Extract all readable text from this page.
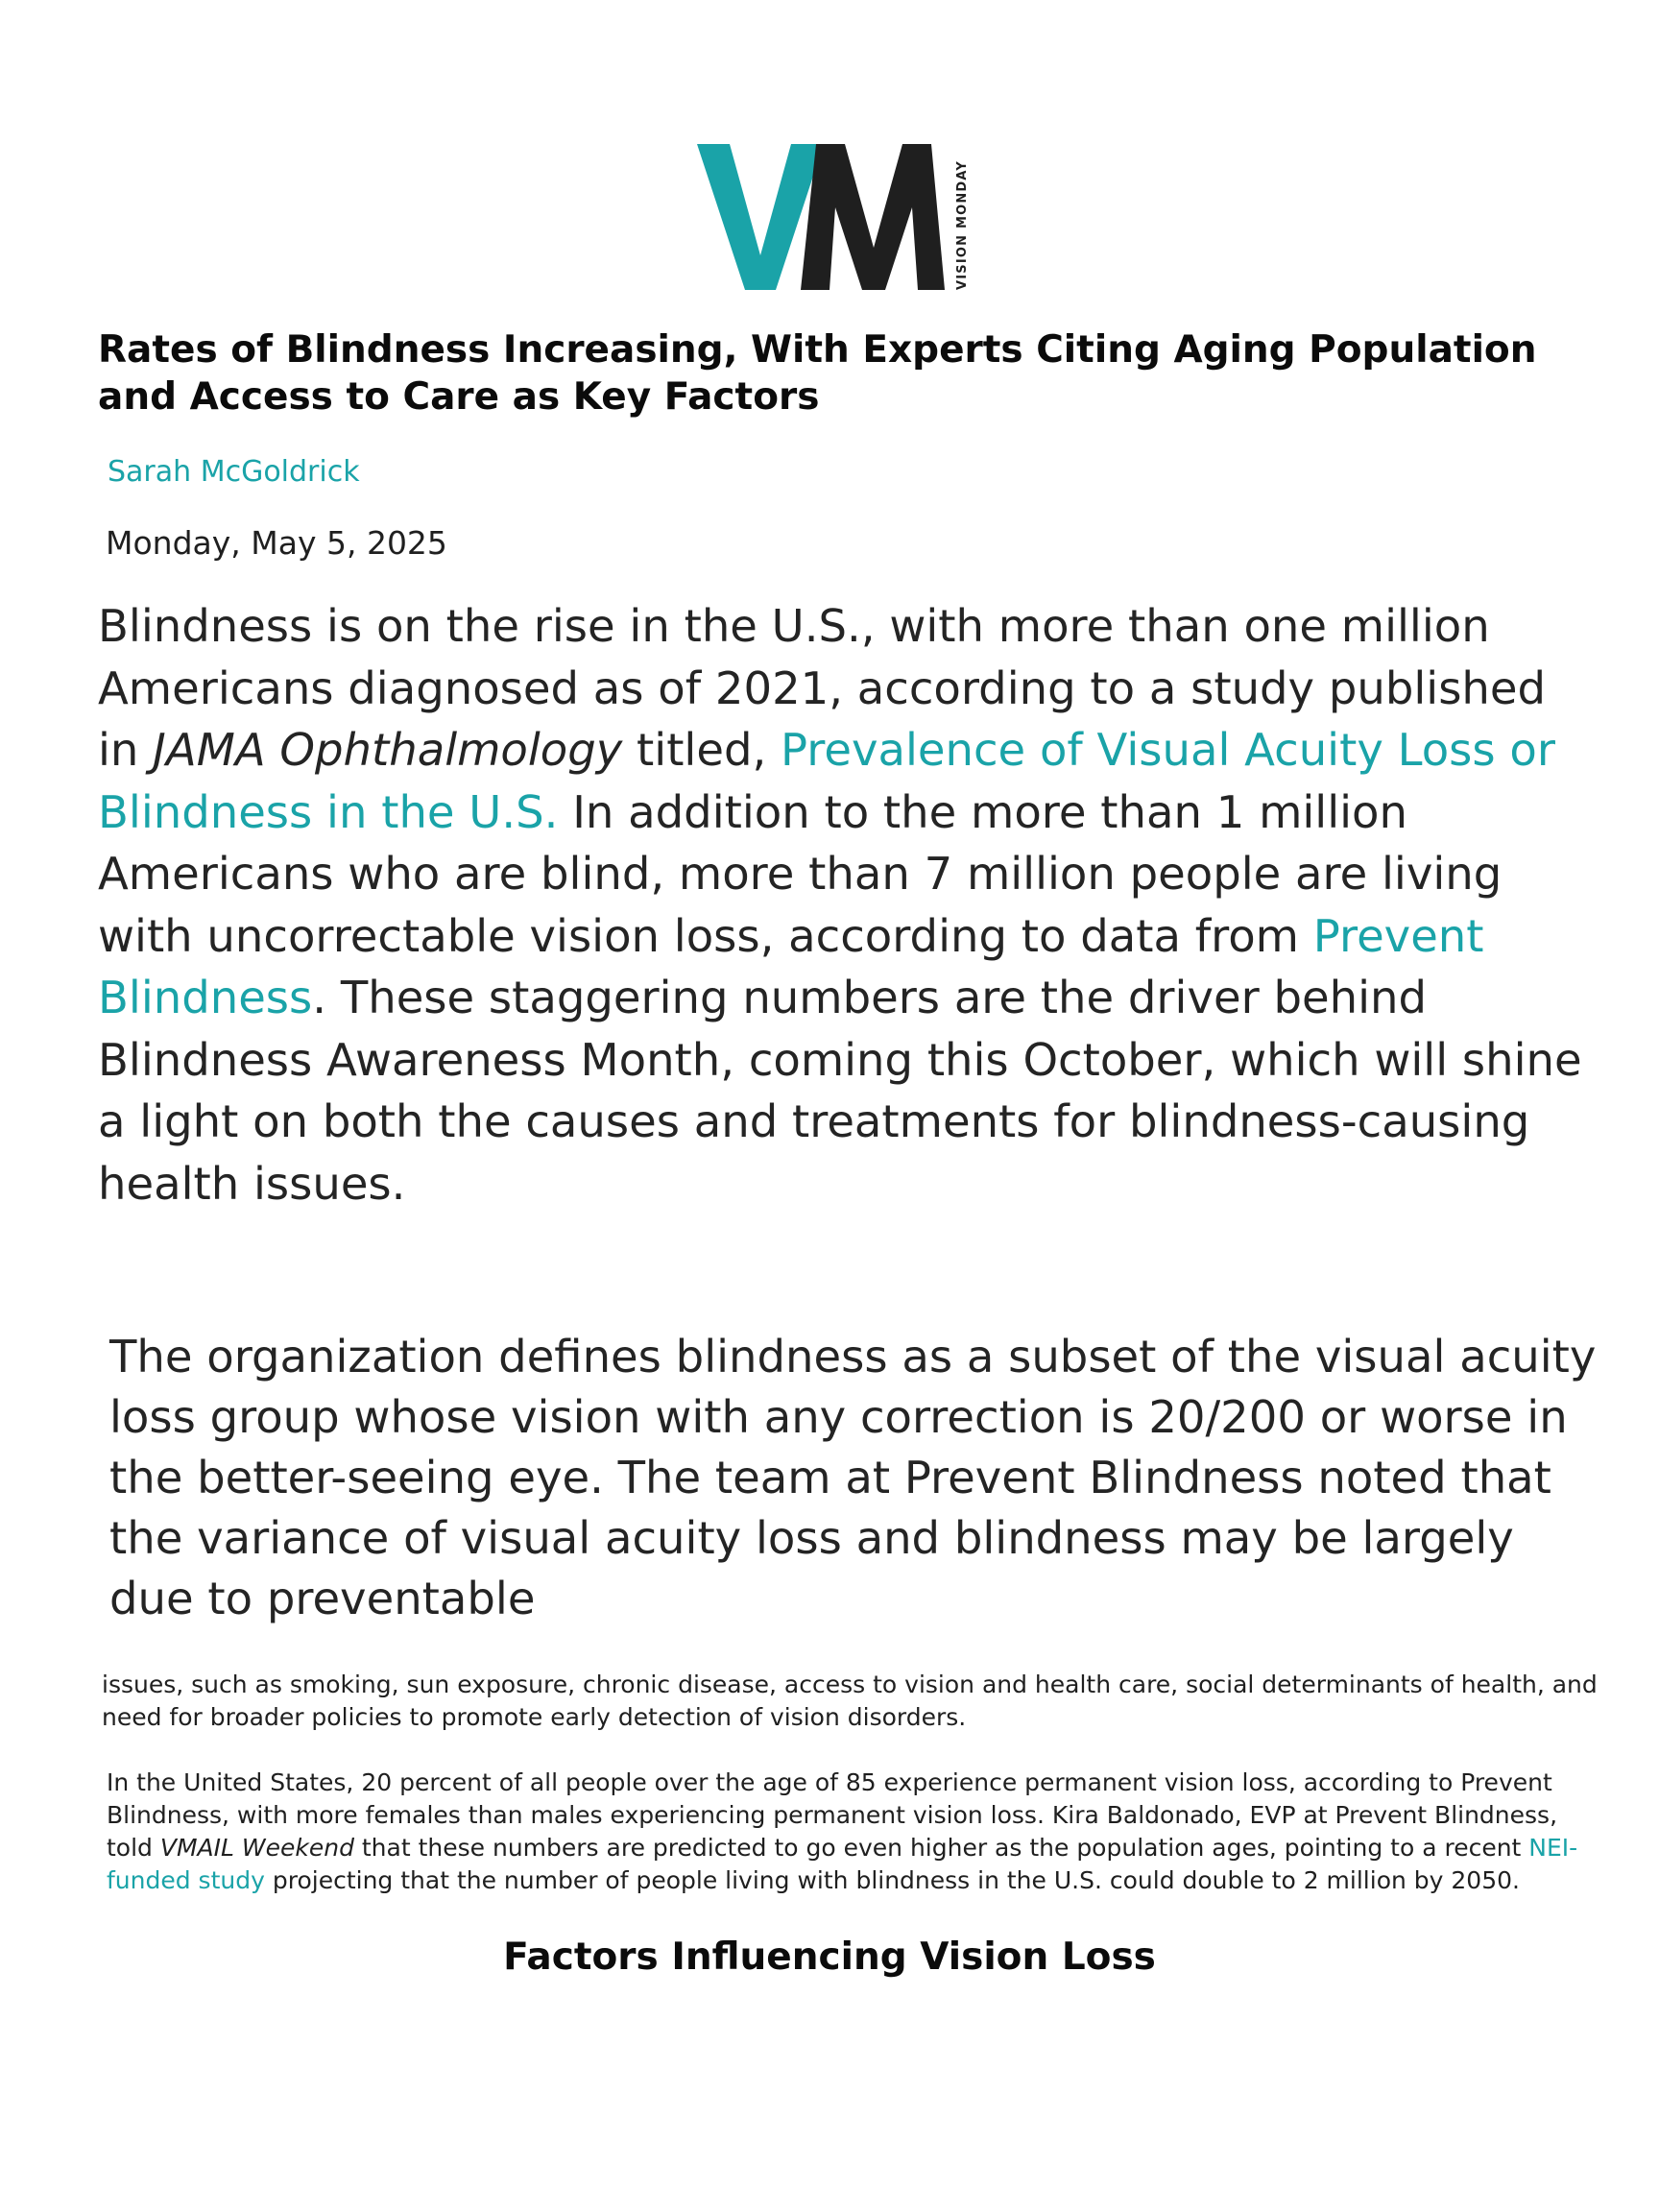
VISION MONDAY
Rates of Blindness Increasing, With Experts Citing Aging Population and Access to Care as Key Factors
Sarah McGoldrick

Monday, May 5, 2025

Blindness is on the rise in the U.S., with more than one million Americans diagnosed as of 2021, according to a study published in JAMA Ophthalmology titled, Prevalence of Visual Acuity Loss or Blindness in the U.S. In addition to the more than 1 million Americans who are blind, more than 7 million people are living with uncorrectable vision loss, according to data from Prevent Blindness. These staggering numbers are the driver behind Blindness Awareness Month, coming this October, which will shine a light on both the causes and treatments for blindness-causing health issues.

The organization defines blindness as a subset of the visual acuity loss group whose vision with any correction is 20/200 or worse in the better-seeing eye. The team at Prevent Blindness noted that the variance of visual acuity loss and blindness may be largely due to preventable

issues, such as smoking, sun exposure, chronic disease, access to vision and health care, social determinants of health, and need for broader policies to promote early detection of vision disorders.

In the United States, 20 percent of all people over the age of 85 experience permanent vision loss, according to Prevent Blindness, with more females than males experiencing permanent vision loss. Kira Baldonado, EVP at Prevent Blindness, told VMAIL Weekend that these numbers are predicted to go even higher as the population ages, pointing to a recent NEI-funded study projecting that the number of people living with blindness in the U.S. could double to 2 million by 2050.

Factors Influencing Vision Loss
